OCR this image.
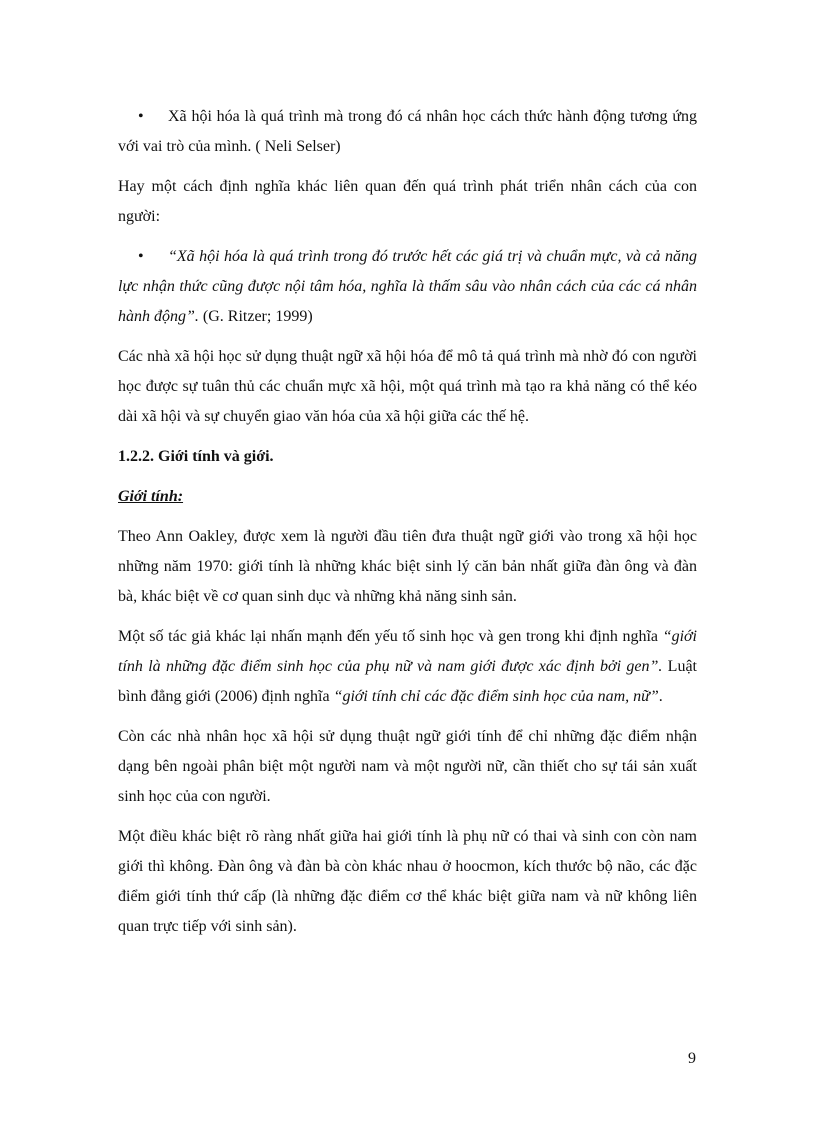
•	Xã hội hóa là quá trình mà trong đó cá nhân học cách thức hành động tương ứng với vai trò của mình. ( Neli Selser)

Hay một cách định nghĩa khác liên quan đến quá trình phát triển nhân cách của con người:

•	“Xã hội hóa là quá trình trong đó trước hết các giá trị và chuẩn mực, và cả năng lực nhận thức cũng được nội tâm hóa, nghĩa là thấm sâu vào nhân cách của các cá nhân hành động”. (G. Ritzer; 1999)

Các nhà xã hội học sử dụng thuật ngữ xã hội hóa để mô tả quá trình mà nhờ đó con người học được sự tuân thủ các chuẩn mực xã hội, một quá trình mà tạo ra khả năng có thể kéo dài xã hội và sự chuyển giao văn hóa của xã hội giữa các thế hệ.

1.2.2. Giới tính và giới.
Giới tính:

Theo Ann Oakley, được xem là người đầu tiên đưa thuật ngữ giới vào trong xã hội học những năm 1970: giới tính là những khác biệt sinh lý căn bản nhất giữa đàn ông và đàn bà, khác biệt về cơ quan sinh dục và những khả năng sinh sản.

Một số tác giả khác lại nhấn mạnh đến yếu tố sinh học và gen trong khi định nghĩa “giới tính là những đặc điểm sinh học của phụ nữ và nam giới được xác định bởi gen”. Luật bình đẳng giới (2006) định nghĩa “giới tính chỉ các đặc điểm sinh học của nam, nữ”.

Còn các nhà nhân học xã hội sử dụng thuật ngữ giới tính để chỉ những đặc điểm nhận dạng bên ngoài phân biệt một người nam và một người nữ, cần thiết cho sự tái sản xuất sinh học của con người.

Một điều khác biệt rõ ràng nhất giữa hai giới tính là phụ nữ có thai và sinh con còn nam giới thì không. Đàn ông và đàn bà còn khác nhau ở hoocmon, kích thước bộ não, các đặc điểm giới tính thứ cấp (là những đặc điểm cơ thể khác biệt giữa nam và nữ không liên quan trực tiếp với sinh sản).

9
